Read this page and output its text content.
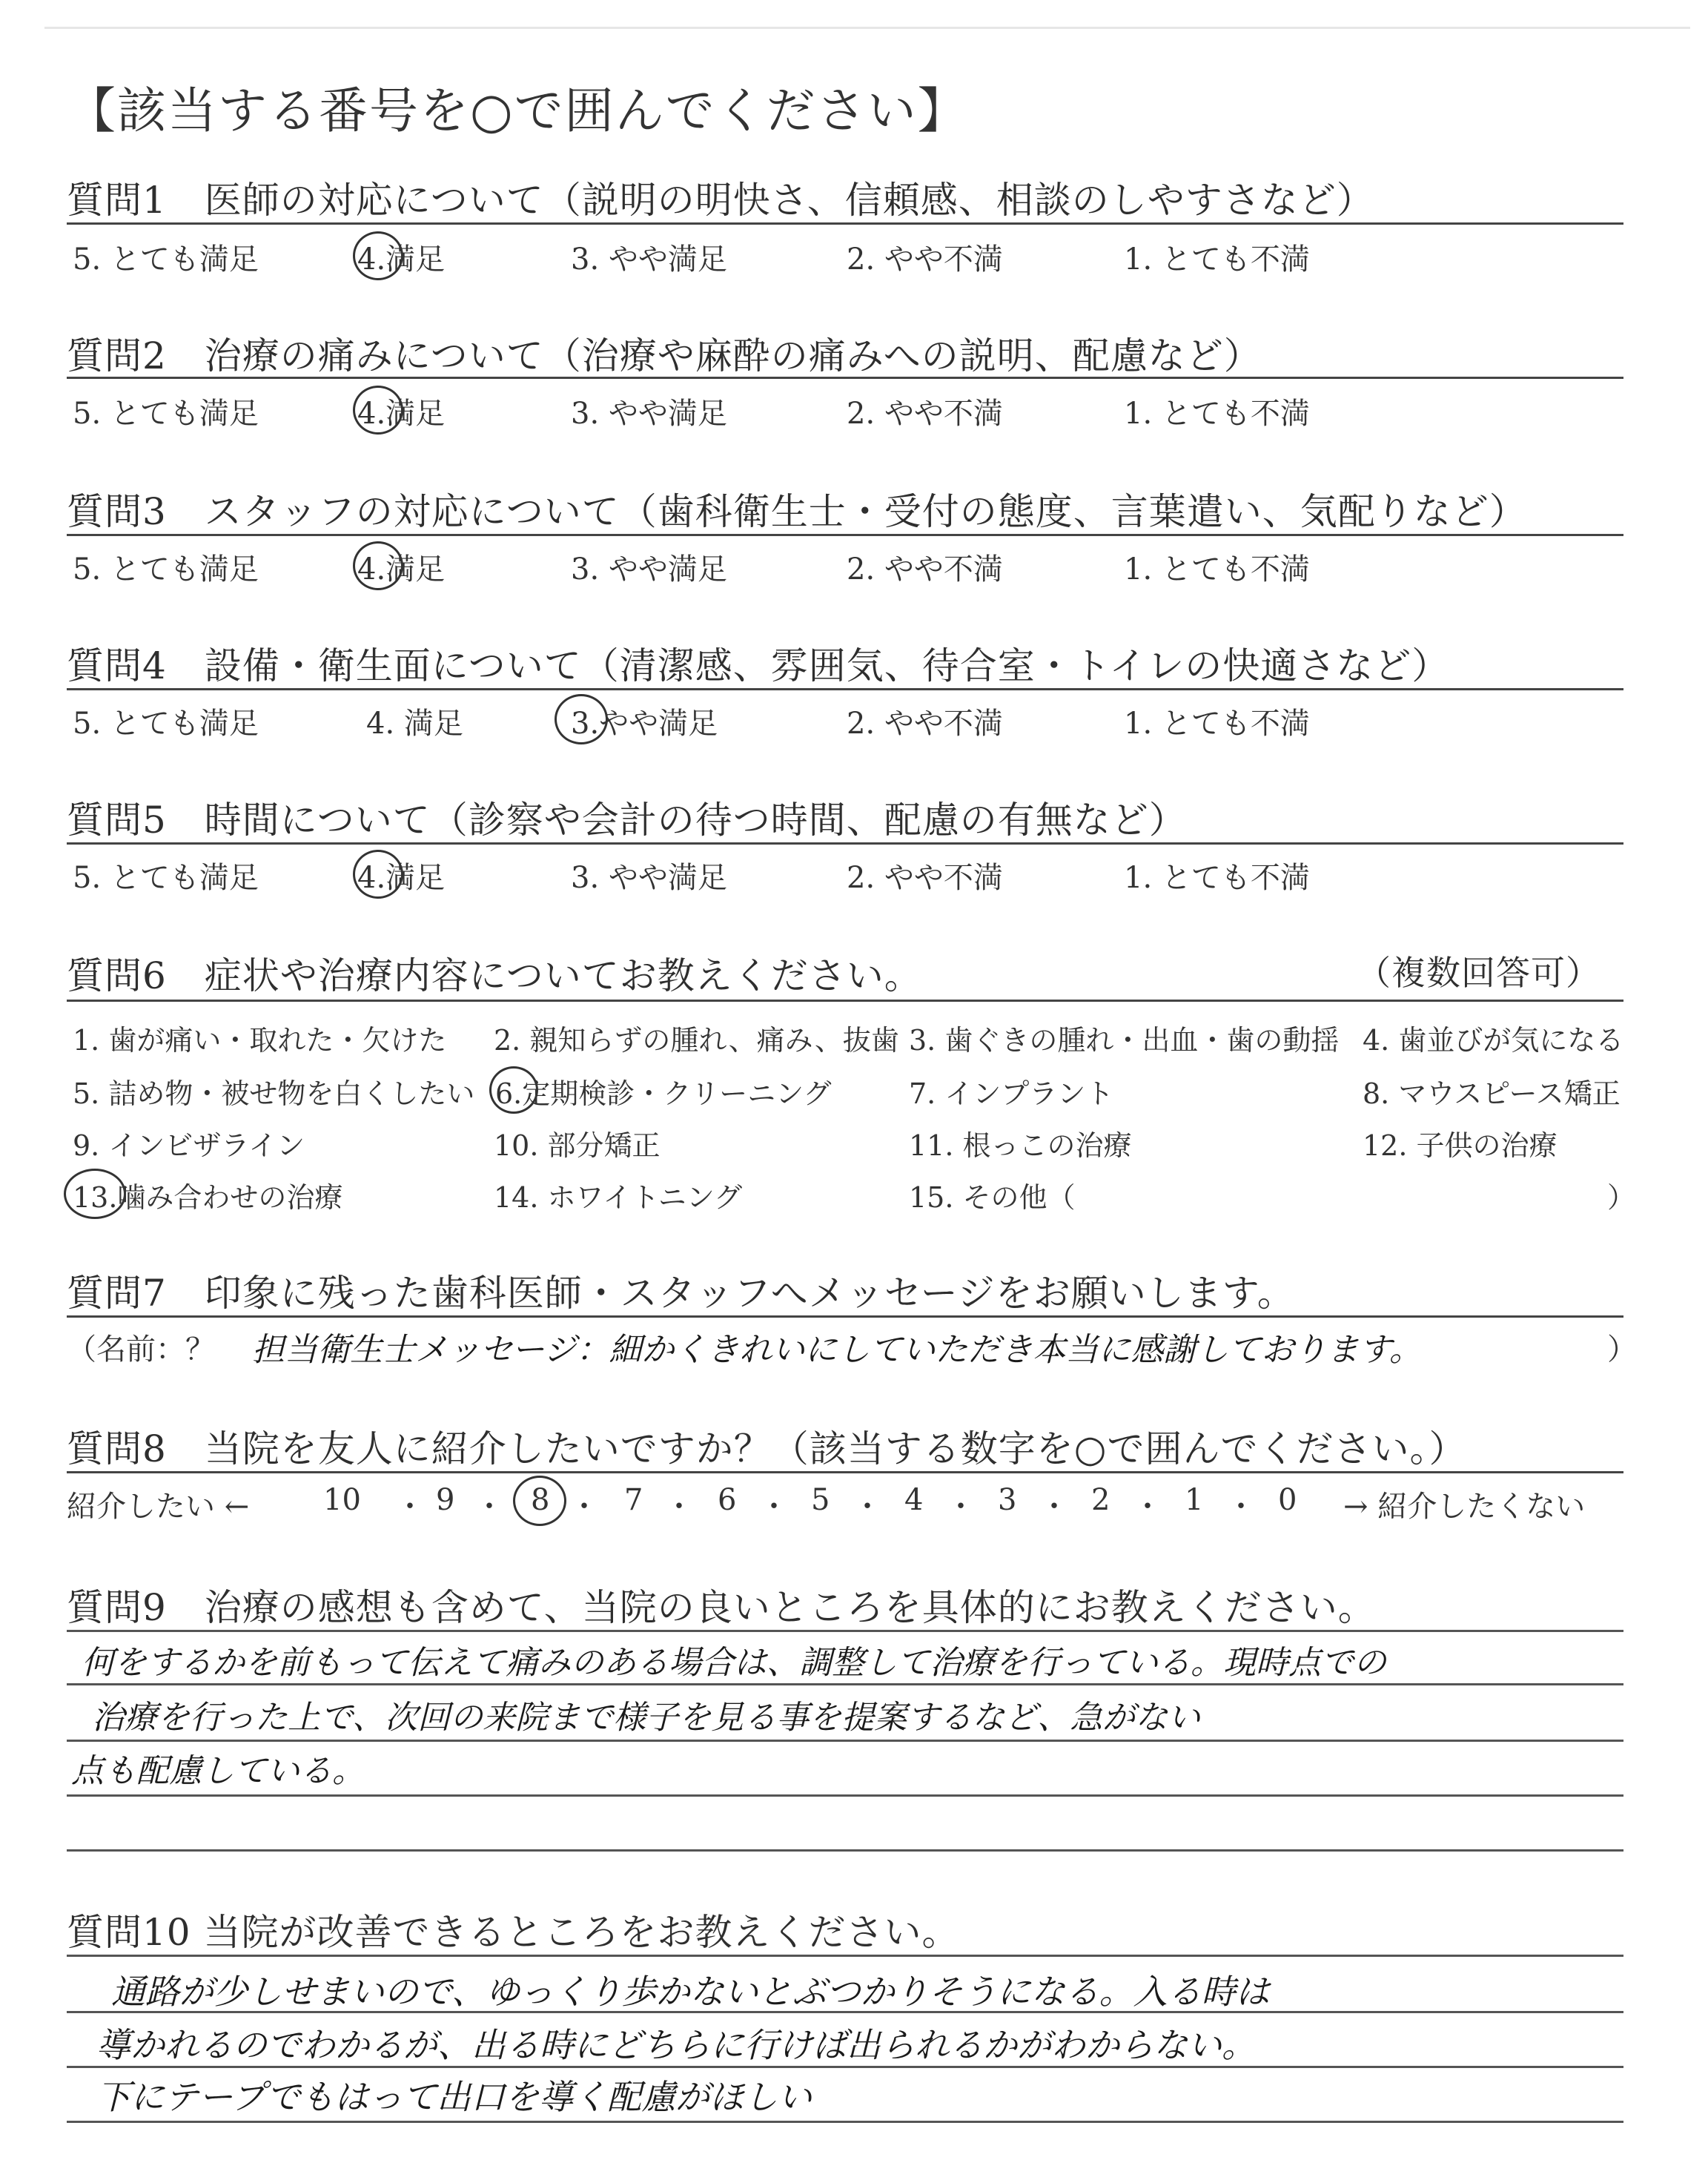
【該当する番号を○で囲んでください】
質問1　医師の対応について（説明の明快さ、信頼感、相談のしやすさなど）
5. とても満足	4.満足	3. やや満足	2. やや不満	1. とても不満
質問2　治療の痛みについて（治療や麻酔の痛みへの説明、配慮など）
5. とても満足	4.満足	3. やや満足	2. やや不満	1. とても不満
質問3　スタッフの対応について（歯科衛生士・受付の態度、言葉遣い、気配りなど）
5. とても満足	4.満足	3. やや満足	2. やや不満	1. とても不満
質問4　設備・衛生面について（清潔感、雰囲気、待合室・トイレの快適さなど）
5. とても満足	4. 満足	3.やや満足	2. やや不満	1. とても不満
質問5　時間について（診察や会計の待つ時間、配慮の有無など）
5. とても満足	4.満足	3. やや満足	2. やや不満	1. とても不満
質問6　症状や治療内容についてお教えください。	（複数回答可）
1. 歯が痛い・取れた・欠けた 2. 親知らずの腫れ、痛み、抜歯 3. 歯ぐきの腫れ・出血・歯の動揺 4. 歯並びが気になる
5. 詰め物・被せ物を白くしたい 6.定期検診・クリーニング	7. インプラント	8. マウスピース矯正
9. インビザライン	10. 部分矯正	11. 根っこの治療	12. 子供の治療
13.噛み合わせの治療	14. ホワイトニング	15. その他（	）
質問7　印象に残った歯科医師・スタッフへメッセージをお願いします。
（名前：？ 担当衛生士メッセージ：細かくきれいにしていただき本当に感謝しております。	）
質問8　当院を友人に紹介したいですか？（該当する数字を○で囲んでください。）
紹介したい ← 10 ・ 9 ・ 8 ・ 7 ・ 6 ・ 5 ・ 4 ・ 3 ・ 2 ・ 1 ・ 0 → 紹介したくない
質問9　治療の感想も含めて、当院の良いところを具体的にお教えください。
何をするかを前もって伝えて痛みのある場合は、調整して治療を行っている。現時点での
治療を行った上で、次回の来院まで様子を見る事を提案するなど、急がない
点も配慮している。
質問10 当院が改善できるところをお教えください。
通路が少しせまいので、ゆっくり歩かないとぶつかりそうになる。入る時は
導かれるのでわかるが、出る時にどちらに行けば出られるかがわからない。
下にテープでもはって出口を導く配慮がほしい
